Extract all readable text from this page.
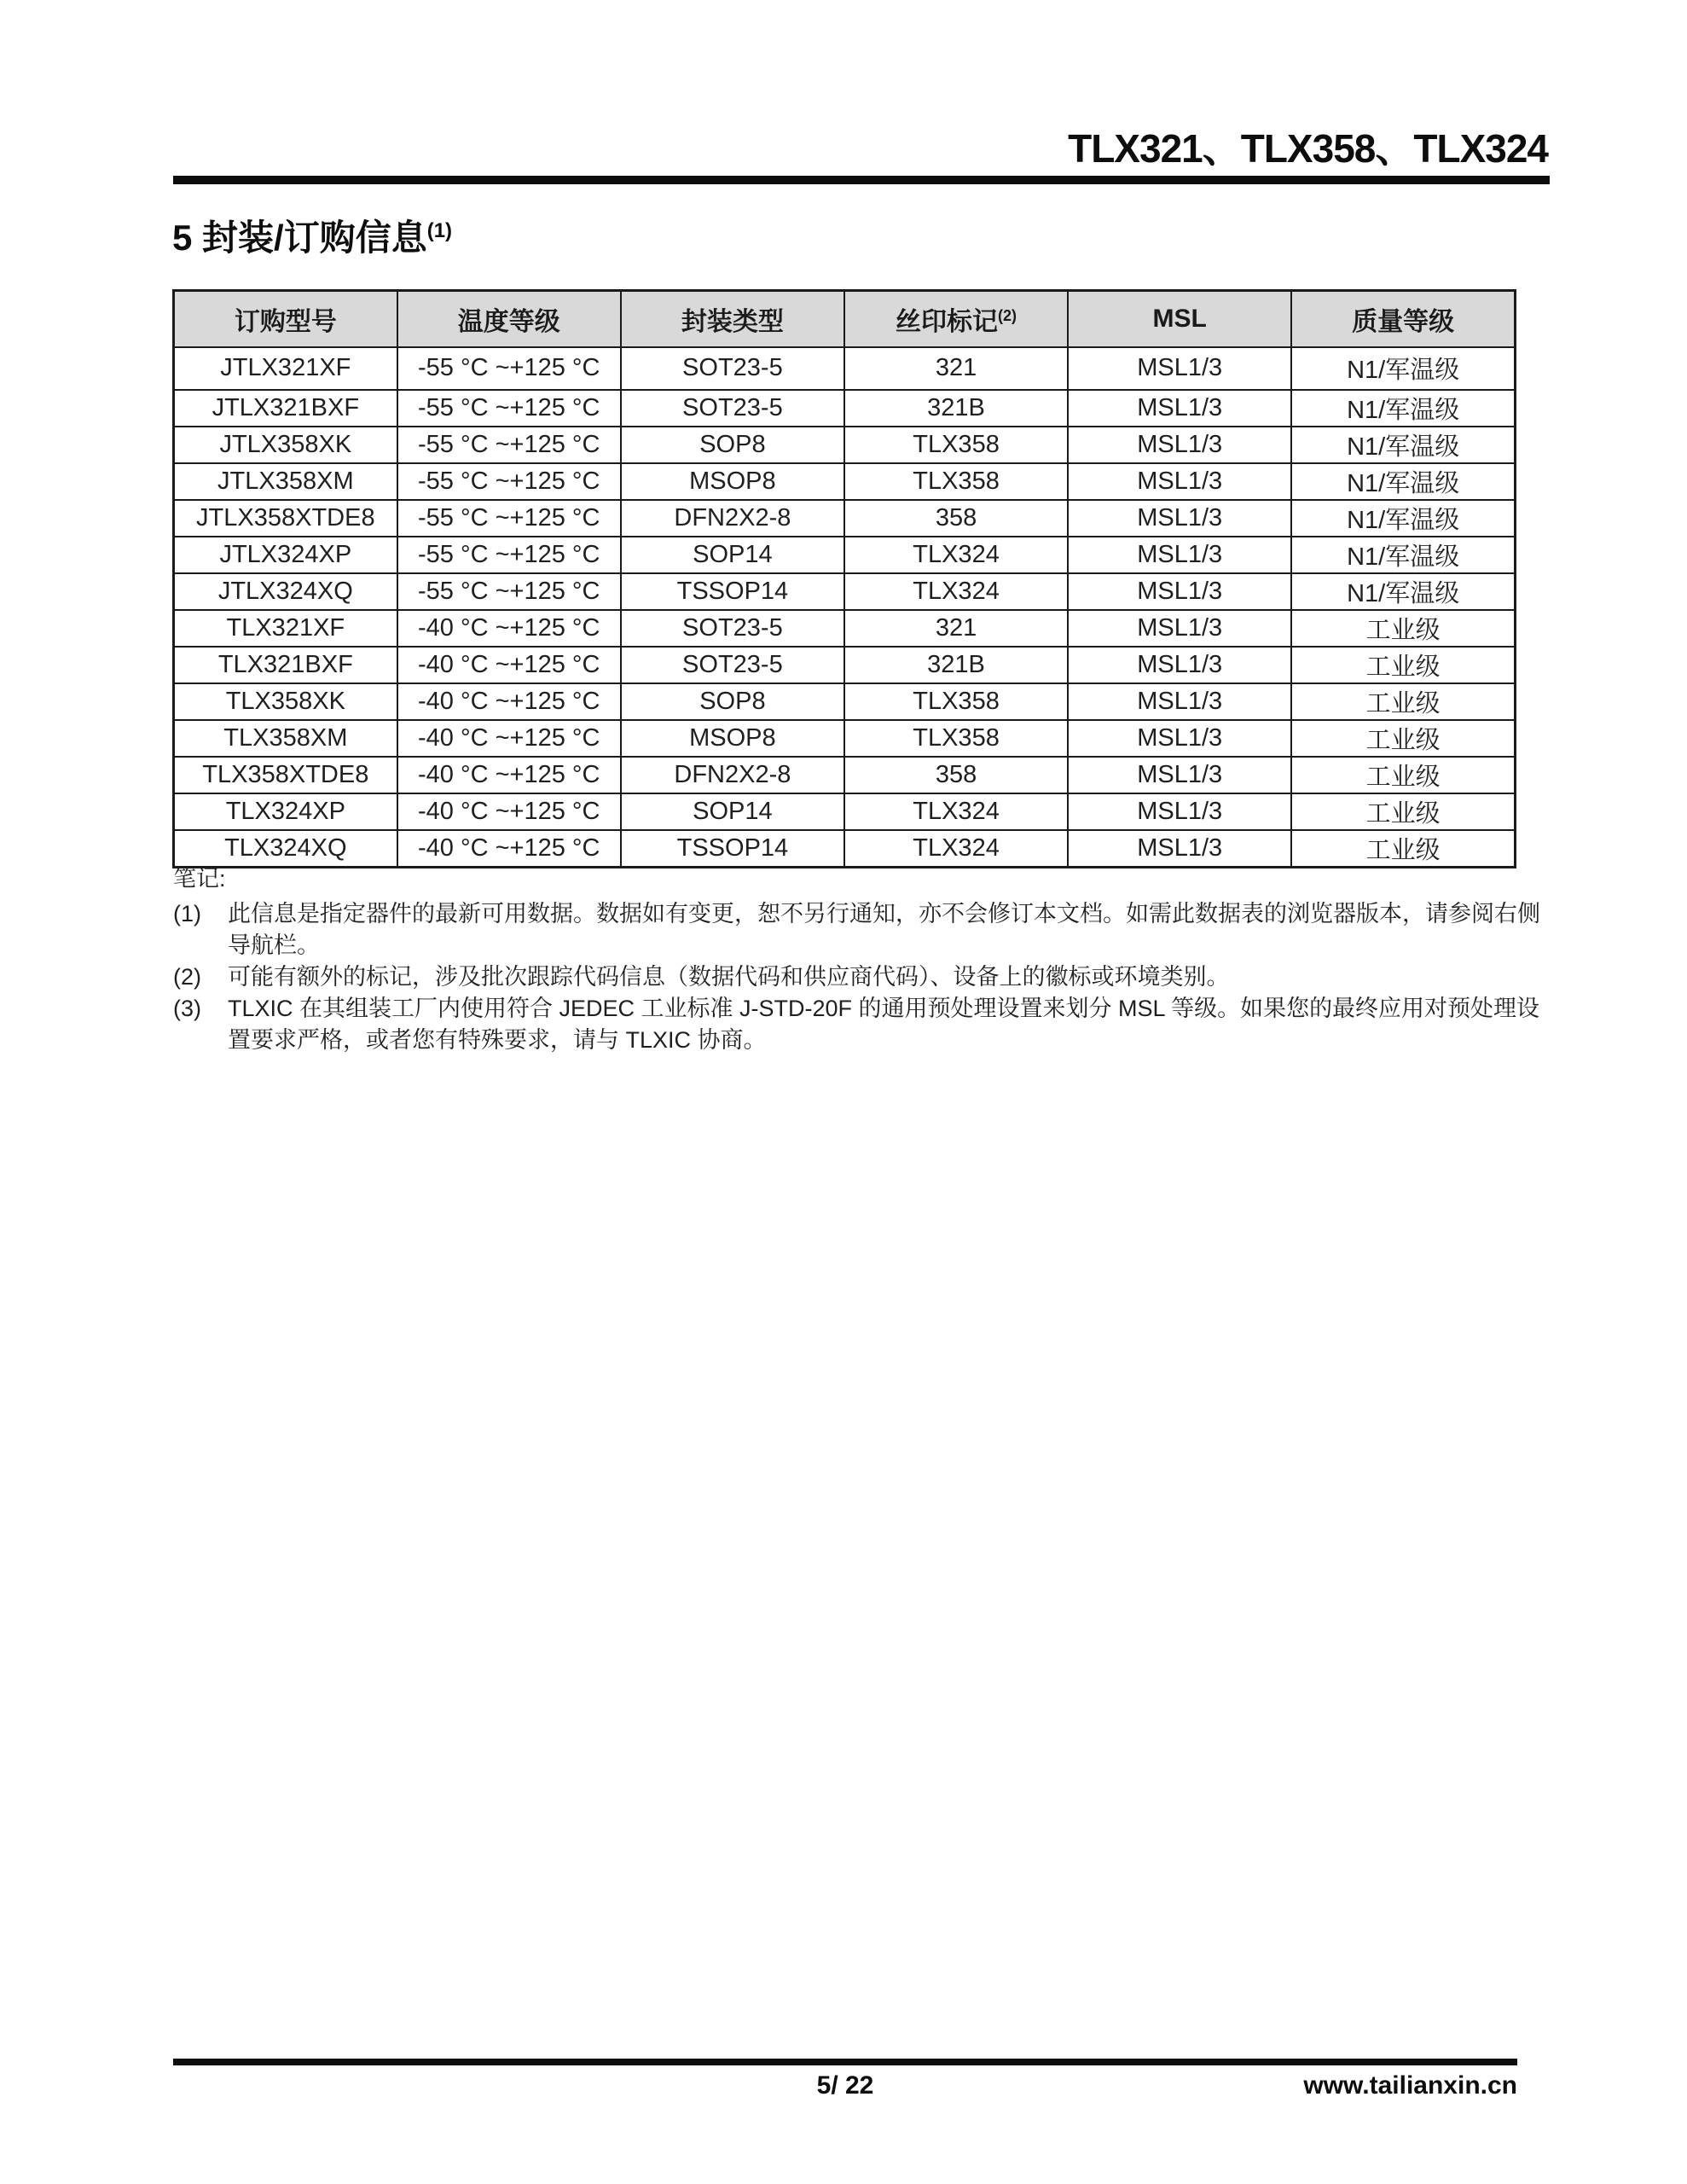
TLX321、TLX358、TLX324
5 封装/订购信息$^{(1)}$
订购型号	温度等级	封装类型	丝印标记$^{(2)}$	MSL	质量等级
JTLX321XF	-55 °C ~+125 °C	SOT23-5	321	MSL1/3	N1/军温级
JTLX321BXF	-55 °C ~+125 °C	SOT23-5	321B	MSL1/3	N1/军温级
JTLX358XK	-55 °C ~+125 °C	SOP8	TLX358	MSL1/3	N1/军温级
JTLX358XM	-55 °C ~+125 °C	MSOP8	TLX358	MSL1/3	N1/军温级
JTLX358XTDE8	-55 °C ~+125 °C	DFN2X2-8	358	MSL1/3	N1/军温级
JTLX324XP	-55 °C ~+125 °C	SOP14	TLX324	MSL1/3	N1/军温级
JTLX324XQ	-55 °C ~+125 °C	TSSOP14	TLX324	MSL1/3	N1/军温级
TLX321XF	-40 °C ~+125 °C	SOT23-5	321	MSL1/3	工业级
TLX321BXF	-40 °C ~+125 °C	SOT23-5	321B	MSL1/3	工业级
TLX358XK	-40 °C ~+125 °C	SOP8	TLX358	MSL1/3	工业级
TLX358XM	-40 °C ~+125 °C	MSOP8	TLX358	MSL1/3	工业级
TLX358XTDE8	-40 °C ~+125 °C	DFN2X2-8	358	MSL1/3	工业级
TLX324XP	-40 °C ~+125 °C	SOP14	TLX324	MSL1/3	工业级
TLX324XQ	-40 °C ~+125 °C	TSSOP14	TLX324	MSL1/3	工业级
笔记:
(1)	此信息是指定器件的最新可用数据。数据如有变更，恕不另行通知，亦不会修订本文档。如需此数据表的浏览器版本，请参阅右侧导航栏。
(2)	可能有额外的标记，涉及批次跟踪代码信息（数据代码和供应商代码）、设备上的徽标或环境类别。
(3)	TLXIC 在其组装工厂内使用符合 JEDEC 工业标准 J-STD-20F 的通用预处理设置来划分 MSL 等级。如果您的最终应用对预处理设置要求严格，或者您有特殊要求，请与 TLXIC 协商。
5/ 22	www.tailianxin.cn
